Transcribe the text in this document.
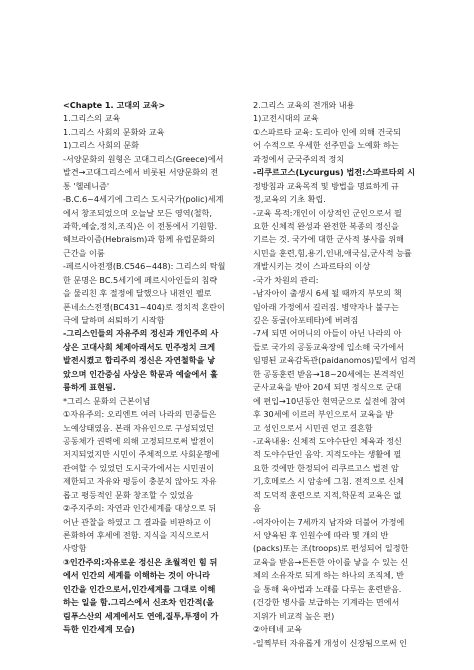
<Chapte 1. 고대의 교육>
1.그리스의 교육
1.그리스 사회의 문화와 교육
1)그리스 사회의 문화
-서양문화의 원형은 고대그리스(Greece)에서
발견→고대그리스에서 비롯된 서양문화의 전
통 '헬레니즘'
-B.C.6~4세기에 그리스 도시국가(polic)세계
에서 창조되었으며 오늘날 모든 영역(철학,
과학,예술,정치,조직)은 이 전통에서 기원함.
헤브라이즘(Hebraism)과 함께 유럽문화의
근간을 이룸
-페르시아전쟁(B.C546~448): 그리스의 탁월
한 문명은 BC.5세기에 페르시아인들의 침략
을 물리친 후 절정에 달했으나 내전인 펠로
폰네소스전쟁(BC431~404)로 정치적 혼란이
극에 달하며 쇠퇴하기 시작함
-그리스인들의 자유주의 정신과 개인주의 사
상은 고대사회 체제아래서도 민주정치 크게
발전시켰고 합리주의 정신은 자연철학을 낳
았으며 인간중심 사상은 학문과 예술에서 훌
륭하게 표현됨.
*그리스 문화의 근본이념
①자유주의: 오리엔트 여러 나라의 민중들은
노예상태였음. 본래 자유인으로 구성되었던
공동체가 권력에 의해 고정되므로써 발전이
저지되었지만 시민이 주체적으로 사회운행에
관여할 수 있었던 도시국가에서는 시민권이
제한되고 자유와 평등이 충분치 않아도 자유
롭고 평등적인 문화 창조할 수 있었음
②주지주의: 자연과 인간세계를 대상으로 뒤
어난 관찰을 하였고 그 결과를 비판하고 이
론화하여 후세에 전함. 지식을 지식으로서
사랑함
③인간주의:자유로운 정신은 초월적인 힘 뒤
에서 인간의 세계를 이해하는 것이 아니라
인간을 인간으로서,인간세계를 그대로 이해
하는 일을 함.그리스에서 신조차 인간적(올
림푸스산의 세계에서도 연애,질투,투쟁이 가
득한 인간세계 모습)
2.그리스 교육의 전개와 내용
1)고전시대의 교육
①스파르타 교육: 도리아 인에 의해 건국되
어 수적으로 우세한 선주민을 노예화 하는
과정에서 군국주의적 정치
-리쿠르고스(Lycurgus) 법전:스파르타의 시
정방침과 교육목적 및 방법을 명료하게 규
정,교육의 기초 확립.
-교육 목적:개인이 이상적인 군인으로서 필
요한 신체적 완성과 완전한 복종의 정신을
기르는 것. 국가에 대한 군사적 봉사를 위해
시민을 훈련,힘,용기,인내,애국심,군사적 능률
개발시키는 것이 스파르타의 이상
-국가 차원의 관리:
-남자아이 출생시 6세 될 때까지 부모의 책
임아래 가정에서 길러짐. 병약자나 불구는
깊은 동굴(아포테타)에 버려짐
-7세 되면 어머니의 아들이 아닌 나라의 아
들로 국가의 공동교육장에 입소해 국가에서
임명된 교육감독관(paidanomos)밑에서 엄격
한 공동훈련 받음→18~20세에는 본격적인
군사교육을 받아 20세 되면 정식으로 군대
에 편입→10년동안 현역군으로 실전에 참여
후 30세에 이르러 부인으로서 교육을 받
고 성인으로서 시민권 얻고 결혼함
-교육내용: 신체적 도야수단인 체육과 정신
적 도야수단인 음악. 지적도야는 생활에 필
요한 것에만 한정되어 리쿠르고스 법전 암
기,호메로스 시 암송에 그침. 전적으로 신체
적 도덕적 훈련으로 지적,학문적 교육은 없
음
-여자아이는 7세까지 남자와 더불어 가정에
서 양육된 후 인원수에 따라 몇 개의 반
(packs)또는 조(troops)로 편성되어 일정한
교육을 받음→튼튼한 아이를 낳을 수 있는 신
체의 소유자로 되게 하는 하나의 조직체, 반
을 통해 육아법과 노래를 다루는 훈련받음.
(건강한 병사를 보급하는 기계라는 면에서
지위가 비교적 높은 편)
②아테네 교육
-일찍부터 자유롭게 개성이 신장됨으로써 인
